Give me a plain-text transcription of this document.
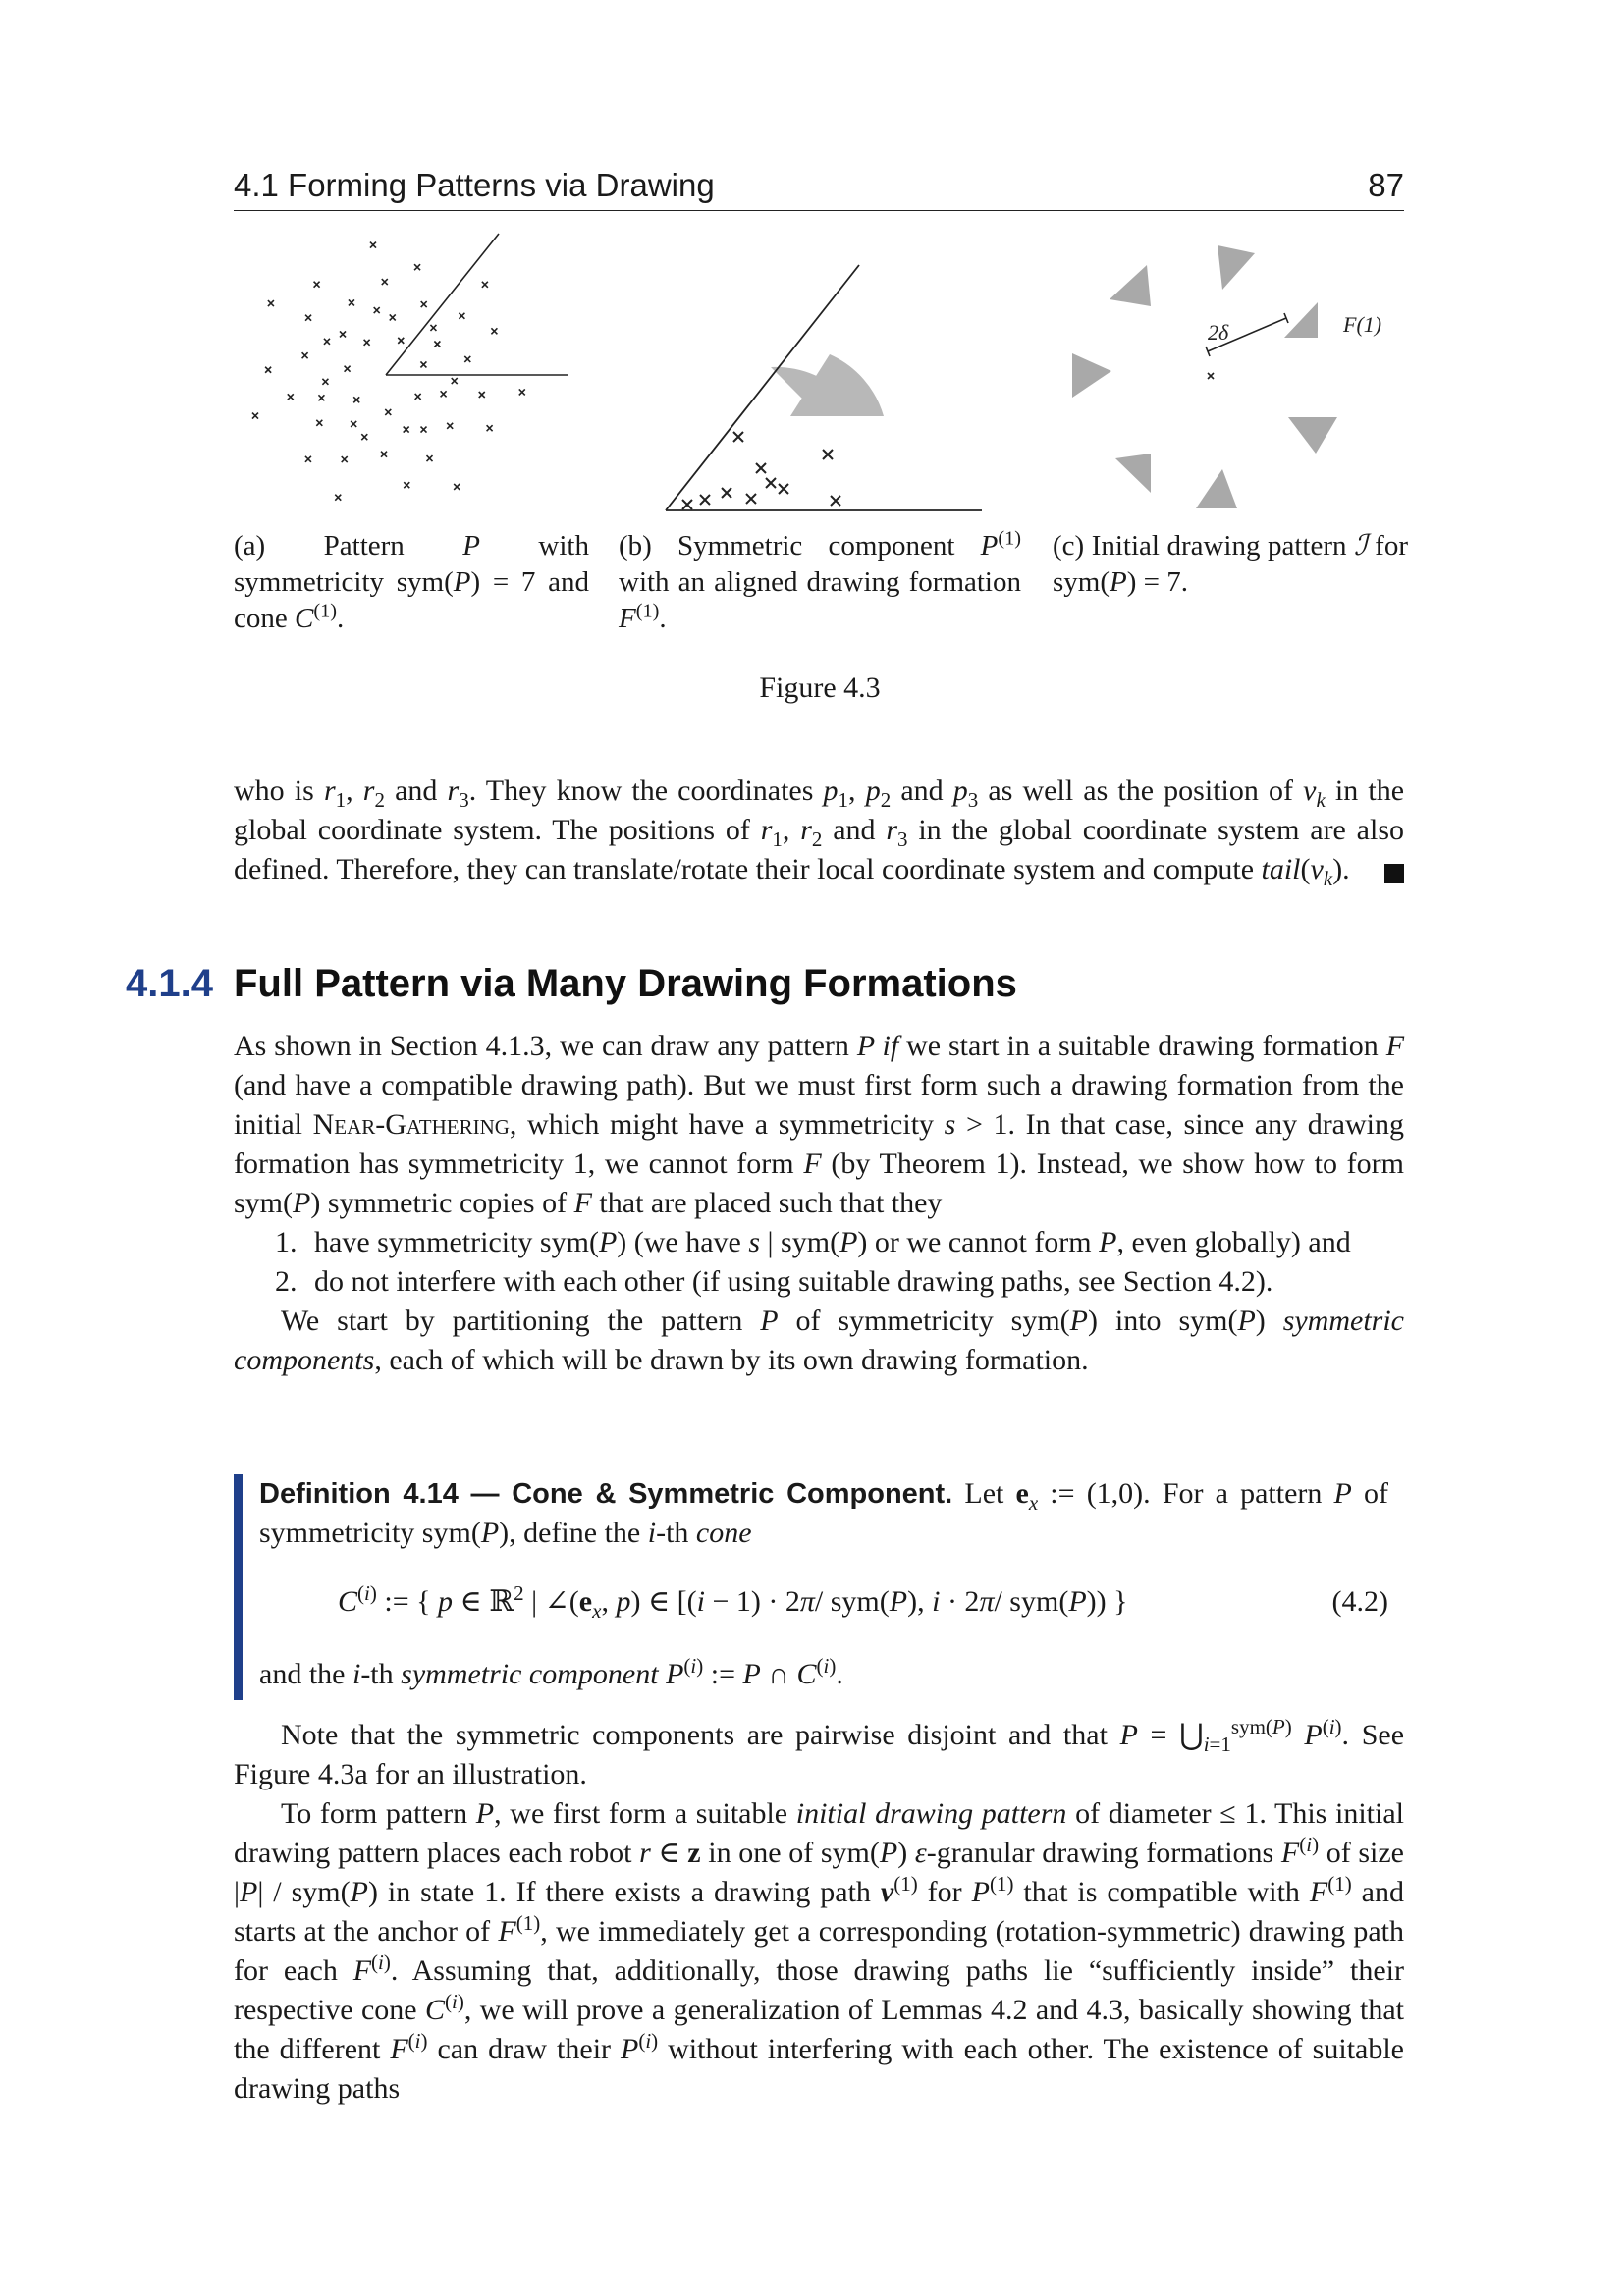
4.1 Forming Patterns via Drawing	87
2δ	F(1)
(a) Pattern P with symmetricity sym(P) = 7 and cone $C^{(1)}$.
(b) Symmetric component $P^{(1)}$ with an aligned drawing formation $F^{(1)}$.
(c) Initial drawing pattern ℐ for sym(P) = 7.
Figure 4.3

who is $r_1$, $r_2$ and $r_3$. They know the coordinates $p_1$, $p_2$ and $p_3$ as well as the position of $v_k$ in the global coordinate system. The positions of $r_1$, $r_2$ and $r_3$ in the global coordinate system are also defined. Therefore, they can translate/rotate their local coordinate system and compute $tail(v_k)$.

4.1.4 Full Pattern via Many Drawing Formations

As shown in Section 4.1.3, we can draw any pattern P if we start in a suitable drawing formation F (and have a compatible drawing path). But we must first form such a drawing formation from the initial Near-Gathering, which might have a symmetricity s > 1. In that case, since any drawing formation has symmetricity 1, we cannot form F (by Theorem 1). Instead, we show how to form sym(P) symmetric copies of F that are placed such that they

1. have symmetricity sym(P) (we have s | sym(P) or we cannot form P, even globally) and
2. do not interfere with each other (if using suitable drawing paths, see Section 4.2).

We start by partitioning the pattern P of symmetricity sym(P) into sym(P) symmetric components, each of which will be drawn by its own drawing formation.

Definition 4.14 — Cone & Symmetric Component. Let $e_x$ := (1,0). For a pattern P of symmetricity sym(P), define the i-th cone
$C^{(i)}$ := { p ∈ ℝ$^2$ | $\angle(e_x$, p) ∈ [(i − 1) · 2π/ sym(P), i · 2π/ sym(P)) }	(4.2)
and the i-th symmetric component $P^{(i)}$ := P ∩ $C^{(i)}$.

Note that the symmetric components are pairwise disjoint and that $P = ⋃_{i=1}^{sym(P)}$ $P^{(i)}$. See Figure 4.3a for an illustration.

To form pattern P, we first form a suitable initial drawing pattern of diameter ≤ 1. This initial drawing pattern places each robot r ∈ z in one of sym(P) ε-granular drawing formations $F^{(i)}$ of size |P| / sym(P) in state 1. If there exists a drawing path $v^{(1)}$ for $P^{(1)}$ that is compatible with $F^{(1)}$ and starts at the anchor of $F^{(1)}$, we immediately get a corresponding (rotation-symmetric) drawing path for each $F^{(i)}$. Assuming that, additionally, those drawing paths lie “sufficiently inside” their respective cone $C^{(i)}$, we will prove a generalization of Lemmas 4.2 and 4.3, basically showing that the different $F^{(i)}$ can draw their $P^{(i)}$ without interfering with each other. The existence of suitable drawing paths
